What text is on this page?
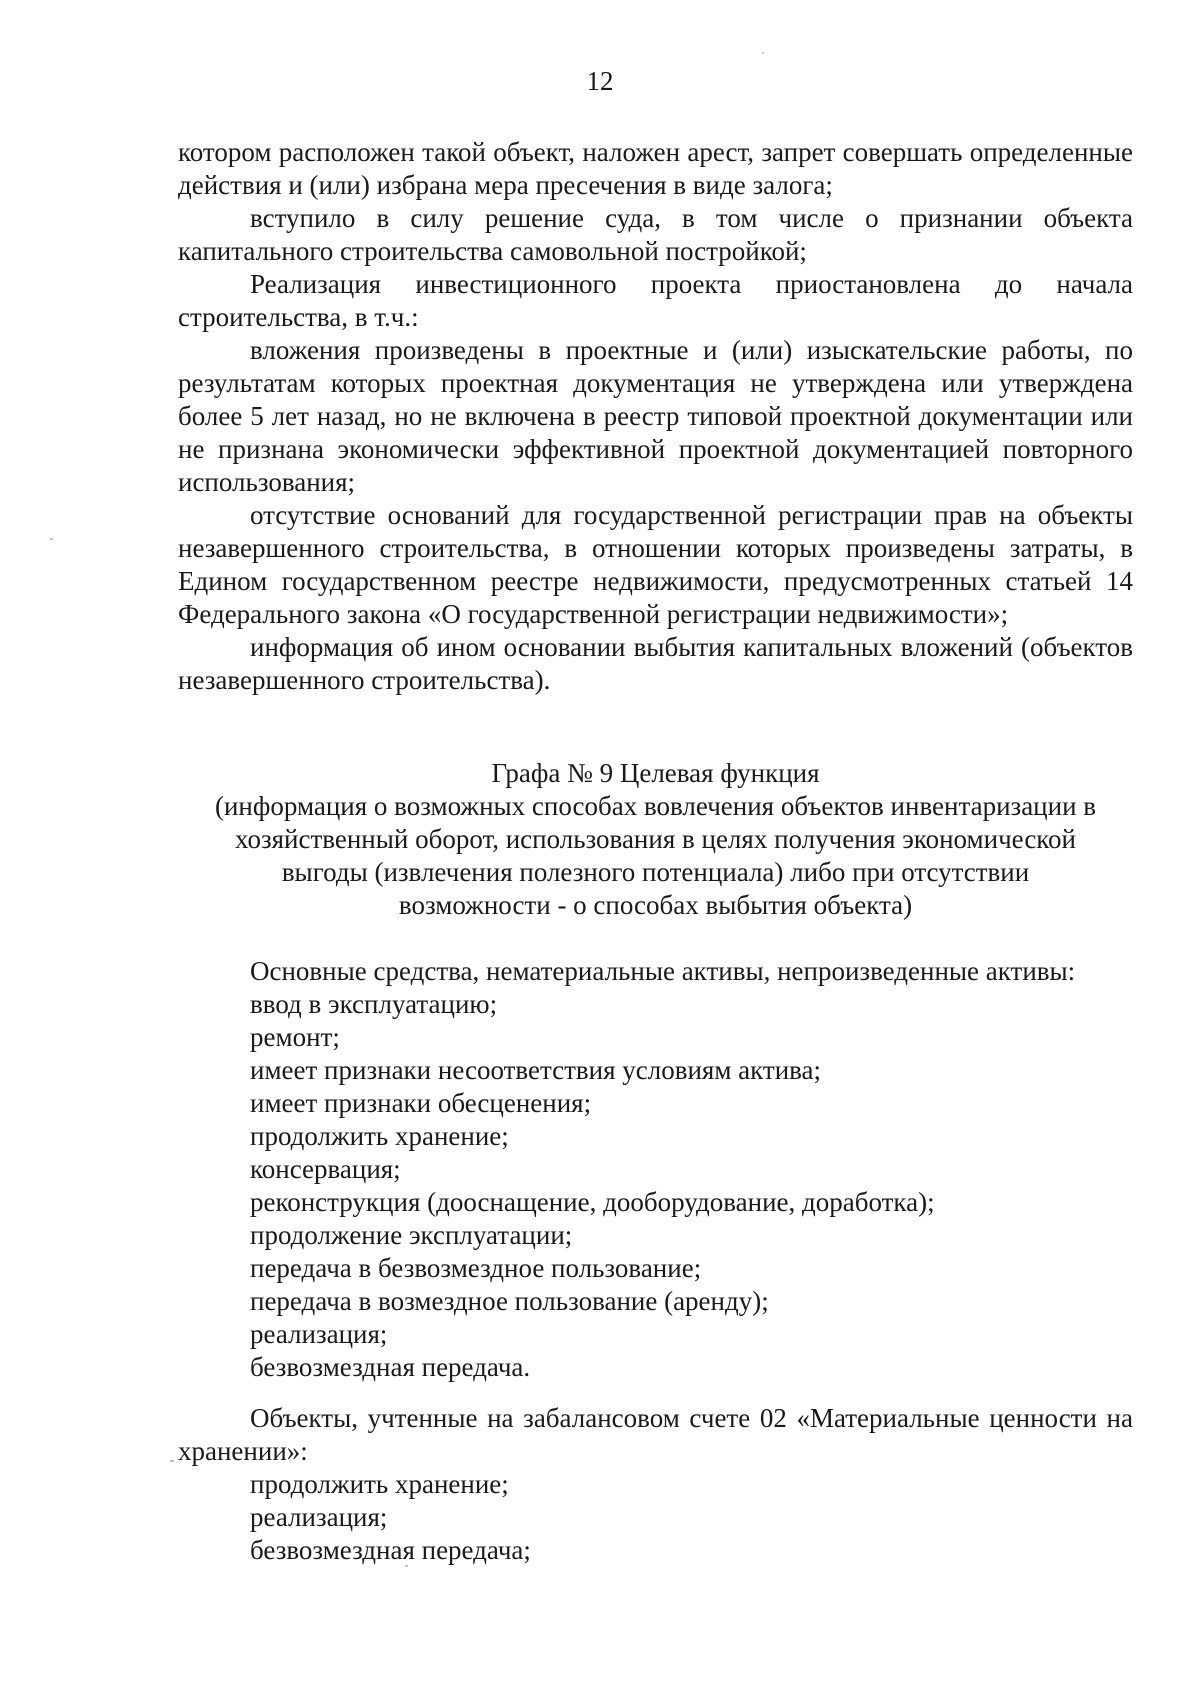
12

котором расположен такой объект, наложен арест, запрет совершать определенные действия и (или) избрана мера пресечения в виде залога;

вступило в силу решение суда, в том числе о признании объекта капитального строительства самовольной постройкой;

Реализация инвестиционного проекта приостановлена до начала строительства, в т.ч.:

вложения произведены в проектные и (или) изыскательские работы, по результатам которых проектная документация не утверждена или утверждена более 5 лет назад, но не включена в реестр типовой проектной документации или не признана экономически эффективной проектной документацией повторного использования;

отсутствие оснований для государственной регистрации прав на объекты незавершенного строительства, в отношении которых произведены затраты, в Едином государственном реестре недвижимости, предусмотренных статьей 14 Федерального закона «О государственной регистрации недвижимости»;

информация об ином основании выбытия капитальных вложений (объектов незавершенного строительства).

Графа № 9 Целевая функция

(информация о возможных способах вовлечения объектов инвентаризации в

хозяйственный оборот, использования в целях получения экономической

выгоды (извлечения полезного потенциала) либо при отсутствии

возможности - о способах выбытия объекта)

Основные средства, нематериальные активы, непроизведенные активы:

ввод в эксплуатацию;

ремонт;

имеет признаки несоответствия условиям актива;

имеет признаки обесценения;

продолжить хранение;

консервация;

реконструкция (дооснащение, дооборудование, доработка);

продолжение эксплуатации;

передача в безвозмездное пользование;

передача в возмездное пользование (аренду);

реализация;

безвозмездная передача.

Объекты, учтенные на забалансовом счете 02 «Материальные ценности на хранении»:

продолжить хранение;

реализация;

безвозмездная передача;
